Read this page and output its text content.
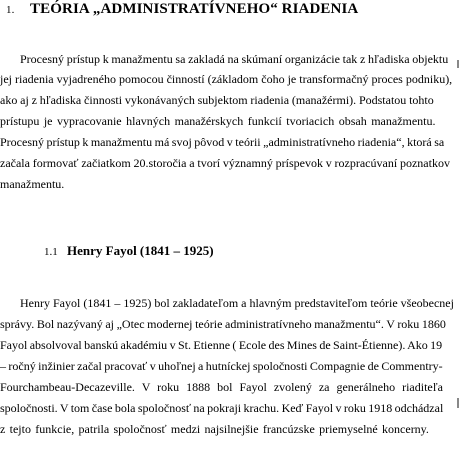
1. TEÓRIA „ADMINISTRATÍVNEHO“ RIADENIA
Procesný prístup k manažmentu sa zakladá na skúmaní organizácie tak z hľadiska objektu
jej riadenia vyjadreného pomocou činností (základom čoho je transformačný proces podniku),
ako aj z hľadiska činnosti vykonávaných subjektom riadenia (manažérmi). Podstatou tohto
prístupu je vypracovanie hlavných manažérskych funkcií tvoriacich obsah manažmentu.
Procesný prístup k manažmentu má svoj pôvod v teórii „administratívneho riadenia“, ktorá sa
začala formovať začiatkom 20.storočia a tvorí významný príspevok v rozpracúvaní poznatkov
manažmentu.
1.1 Henry Fayol (1841 – 1925)
Henry Fayol (1841 – 1925) bol zakladateľom a hlavným predstaviteľom teórie všeobecnej
správy. Bol nazývaný aj „Otec modernej teórie administratívneho manažmentu“. V roku 1860
Fayol absolvoval banskú akadémiu v St. Etienne ( Ecole des Mines de Saint-Étienne). Ako 19
– ročný inžinier začal pracovať v uhoľnej a hutníckej spoločnosti Compagnie de Commentry-
Fourchambeau-Decazeville. V roku 1888 bol Fayol zvolený za generálneho riaditeľa
spoločnosti. V tom čase bola spoločnosť na pokraji krachu. Keď Fayol v roku 1918 odchádzal
z tejto funkcie, patrila spoločnosť medzi najsilnejšie francúzske priemyselné koncerny.
